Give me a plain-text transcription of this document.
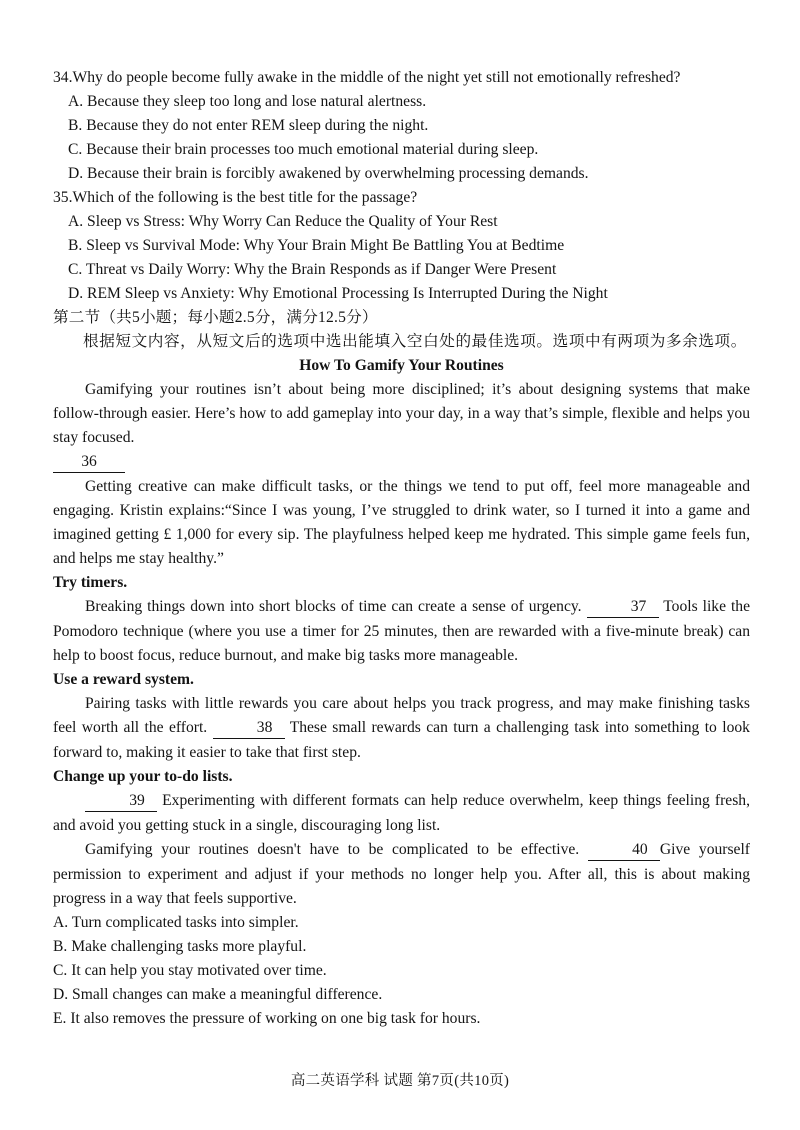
34.Why do people become fully awake in the middle of the night yet still not emotionally refreshed?
A. Because they sleep too long and lose natural alertness.
B. Because they do not enter REM sleep during the night.
C. Because their brain processes too much emotional material during sleep.
D. Because their brain is forcibly awakened by overwhelming processing demands.
35.Which of the following is the best title for the passage?
A. Sleep vs Stress: Why Worry Can Reduce the Quality of Your Rest
B. Sleep vs Survival Mode: Why Your Brain Might Be Battling You at Bedtime
C. Threat vs Daily Worry: Why the Brain Responds as if Danger Were Present
D. REM Sleep vs Anxiety: Why Emotional Processing Is Interrupted During the Night
第二节（共5小题；每小题2.5分，满分12.5分）
根据短文内容，从短文后的选项中选出能填入空白处的最佳选项。选项中有两项为多余选项。
How To Gamify Your Routines
Gamifying your routines isn’t about being more disciplined; it’s about designing systems that make follow-through easier. Here’s how to add gameplay into your day, in a way that’s simple, flexible and helps you stay focused.
36
Getting creative can make difficult tasks, or the things we tend to put off, feel more manageable and engaging. Kristin explains:“Since I was young, I’ve struggled to drink water, so I turned it into a game and imagined getting £ 1,000 for every sip. The playfulness helped keep me hydrated. This simple game feels fun, and helps me stay healthy.”
Try timers.
Breaking things down into short blocks of time can create a sense of urgency.	37 Tools like the Pomodoro technique (where you use a timer for 25 minutes, then are rewarded with a five-minute break) can help to boost focus, reduce burnout, and make big tasks more manageable.
Use a reward system.
Pairing tasks with little rewards you care about helps you track progress, and may make finishing tasks feel worth all the effort.	38 These small rewards can turn a challenging task into something to look forward to, making it easier to take that first step.
Change up your to-do lists.
39 Experimenting with different formats can help reduce overwhelm, keep things feeling fresh, and avoid you getting stuck in a single, discouraging long list.
Gamifying your routines doesn't have to be complicated to be effective.	40 Give yourself permission to experiment and adjust if your methods no longer help you. After all, this is about making progress in a way that feels supportive.
A. Turn complicated tasks into simpler.
B. Make challenging tasks more playful.
C. It can help you stay motivated over time.
D. Small changes can make a meaningful difference.
E. It also removes the pressure of working on one big task for hours.
高二英语学科 试题 第7页(共10页)
